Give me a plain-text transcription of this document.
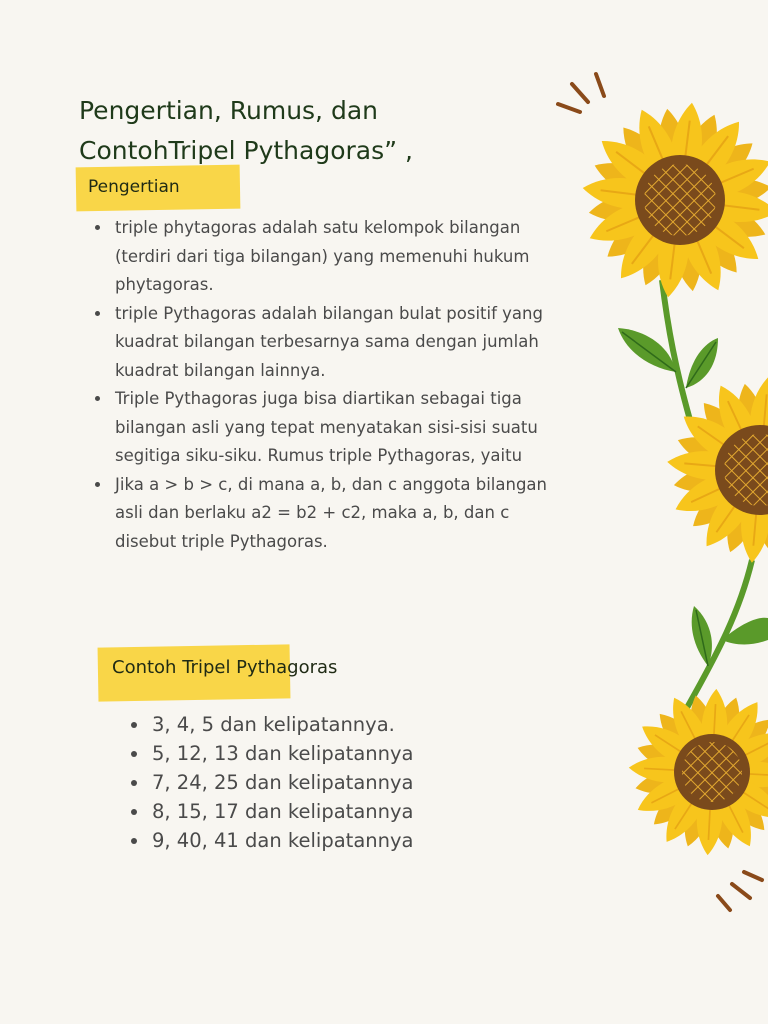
Pengertian, Rumus, dan
ContohTripel Pythagoras” ,
Pengertian
• triple phytagoras adalah satu kelompok bilangan (terdiri dari tiga bilangan) yang memenuhi hukum phytagoras.
• triple Pythagoras adalah bilangan bulat positif yang kuadrat bilangan terbesarnya sama dengan jumlah kuadrat bilangan lainnya.
• Triple Pythagoras juga bisa diartikan sebagai tiga bilangan asli yang tepat menyatakan sisi-sisi suatu segitiga siku-siku. Rumus triple Pythagoras, yaitu
• Jika a > b > c, di mana a, b, dan c anggota bilangan asli dan berlaku a2 = b2 + c2, maka a, b, dan c disebut triple Pythagoras.
Contoh Tripel Pythagoras
• 3, 4, 5 dan kelipatannya.
• 5, 12, 13 dan kelipatannya
• 7, 24, 25 dan kelipatannya
• 8, 15, 17 dan kelipatannya
• 9, 40, 41 dan kelipatannya
